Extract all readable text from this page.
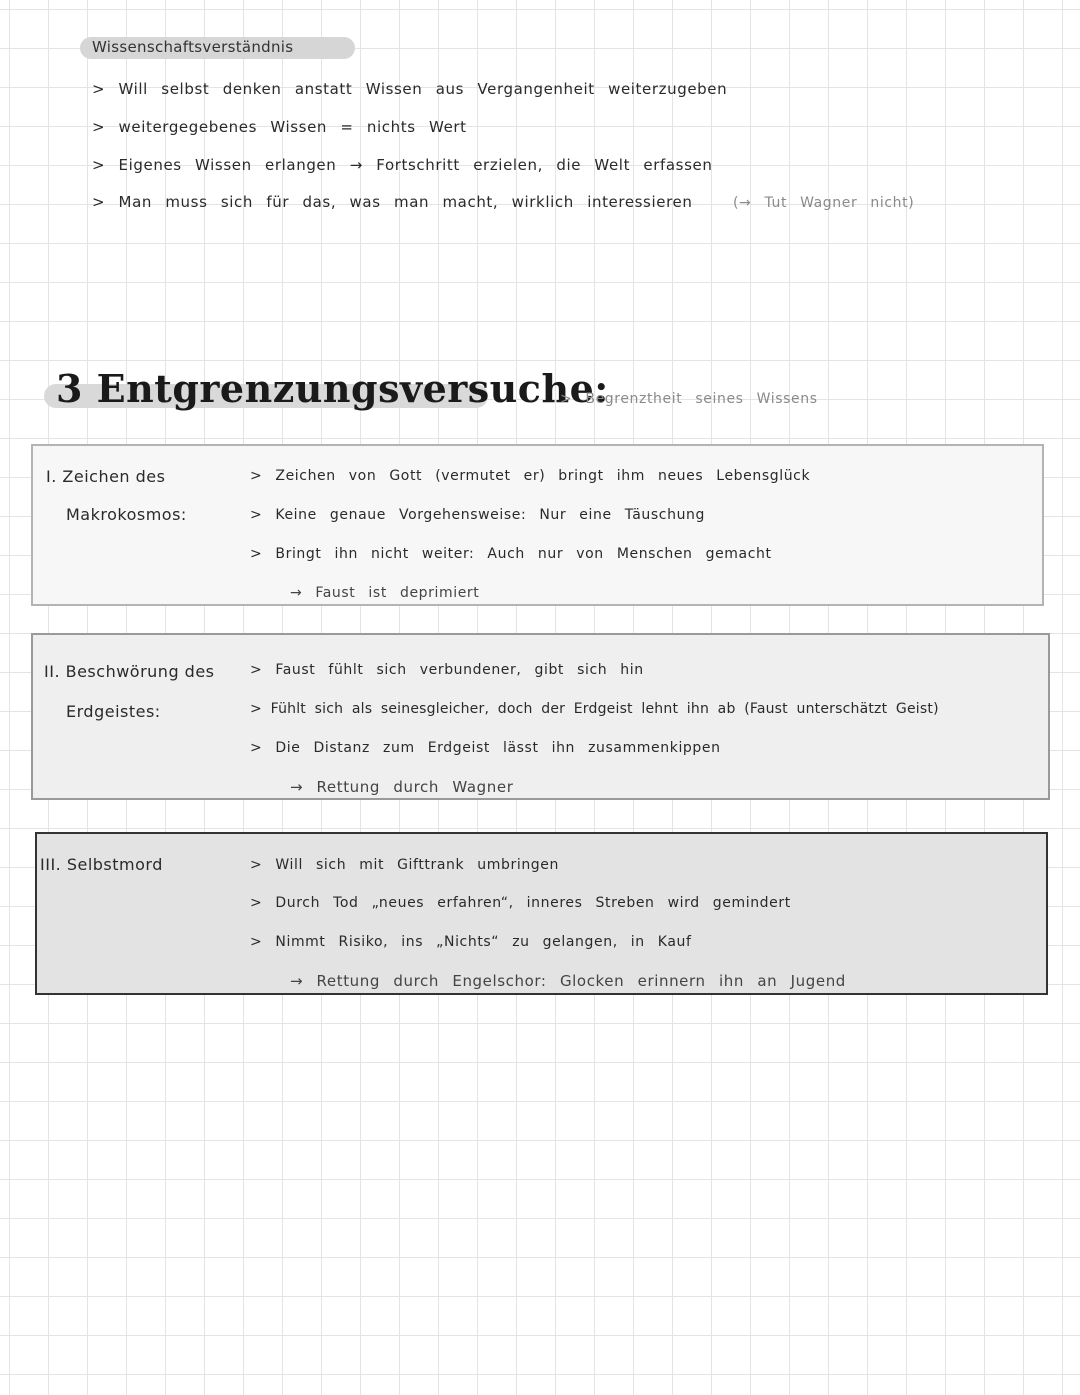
Wissenschaftsverständnis
> Will selbst denken anstatt Wissen aus Vergangenheit weiterzugeben
> weitergegebenes Wissen = nichts Wert
> Eigenes Wissen erlangen → Fortschritt erzielen, die Welt erfassen
> Man muss sich für das, was man macht, wirklich interessieren	(→ Tut Wagner nicht)
3 Entgrenzungsversuche:
> Begrenztheit seines Wissens
I. Zeichen des
Makrokosmos:
> Zeichen von Gott (vermutet er) bringt ihm neues Lebensglück
> Keine genaue Vorgehensweise: Nur eine Täuschung
> Bringt ihn nicht weiter: Auch nur von Menschen gemacht
→ Faust ist deprimiert
II. Beschwörung des
Erdgeistes:
> Faust fühlt sich verbundener, gibt sich hin
> Fühlt sich als seinesgleicher, doch der Erdgeist lehnt ihn ab (Faust unterschätzt Geist)
> Die Distanz zum Erdgeist lässt ihn zusammenkippen
→ Rettung durch Wagner
III. Selbstmord	> Will sich mit Gifttrank umbringen
> Durch Tod „neues erfahren“, inneres Streben wird gemindert
> Nimmt Risiko, ins „Nichts“ zu gelangen, in Kauf
→ Rettung durch Engelschor: Glocken erinnern ihn an Jugend
